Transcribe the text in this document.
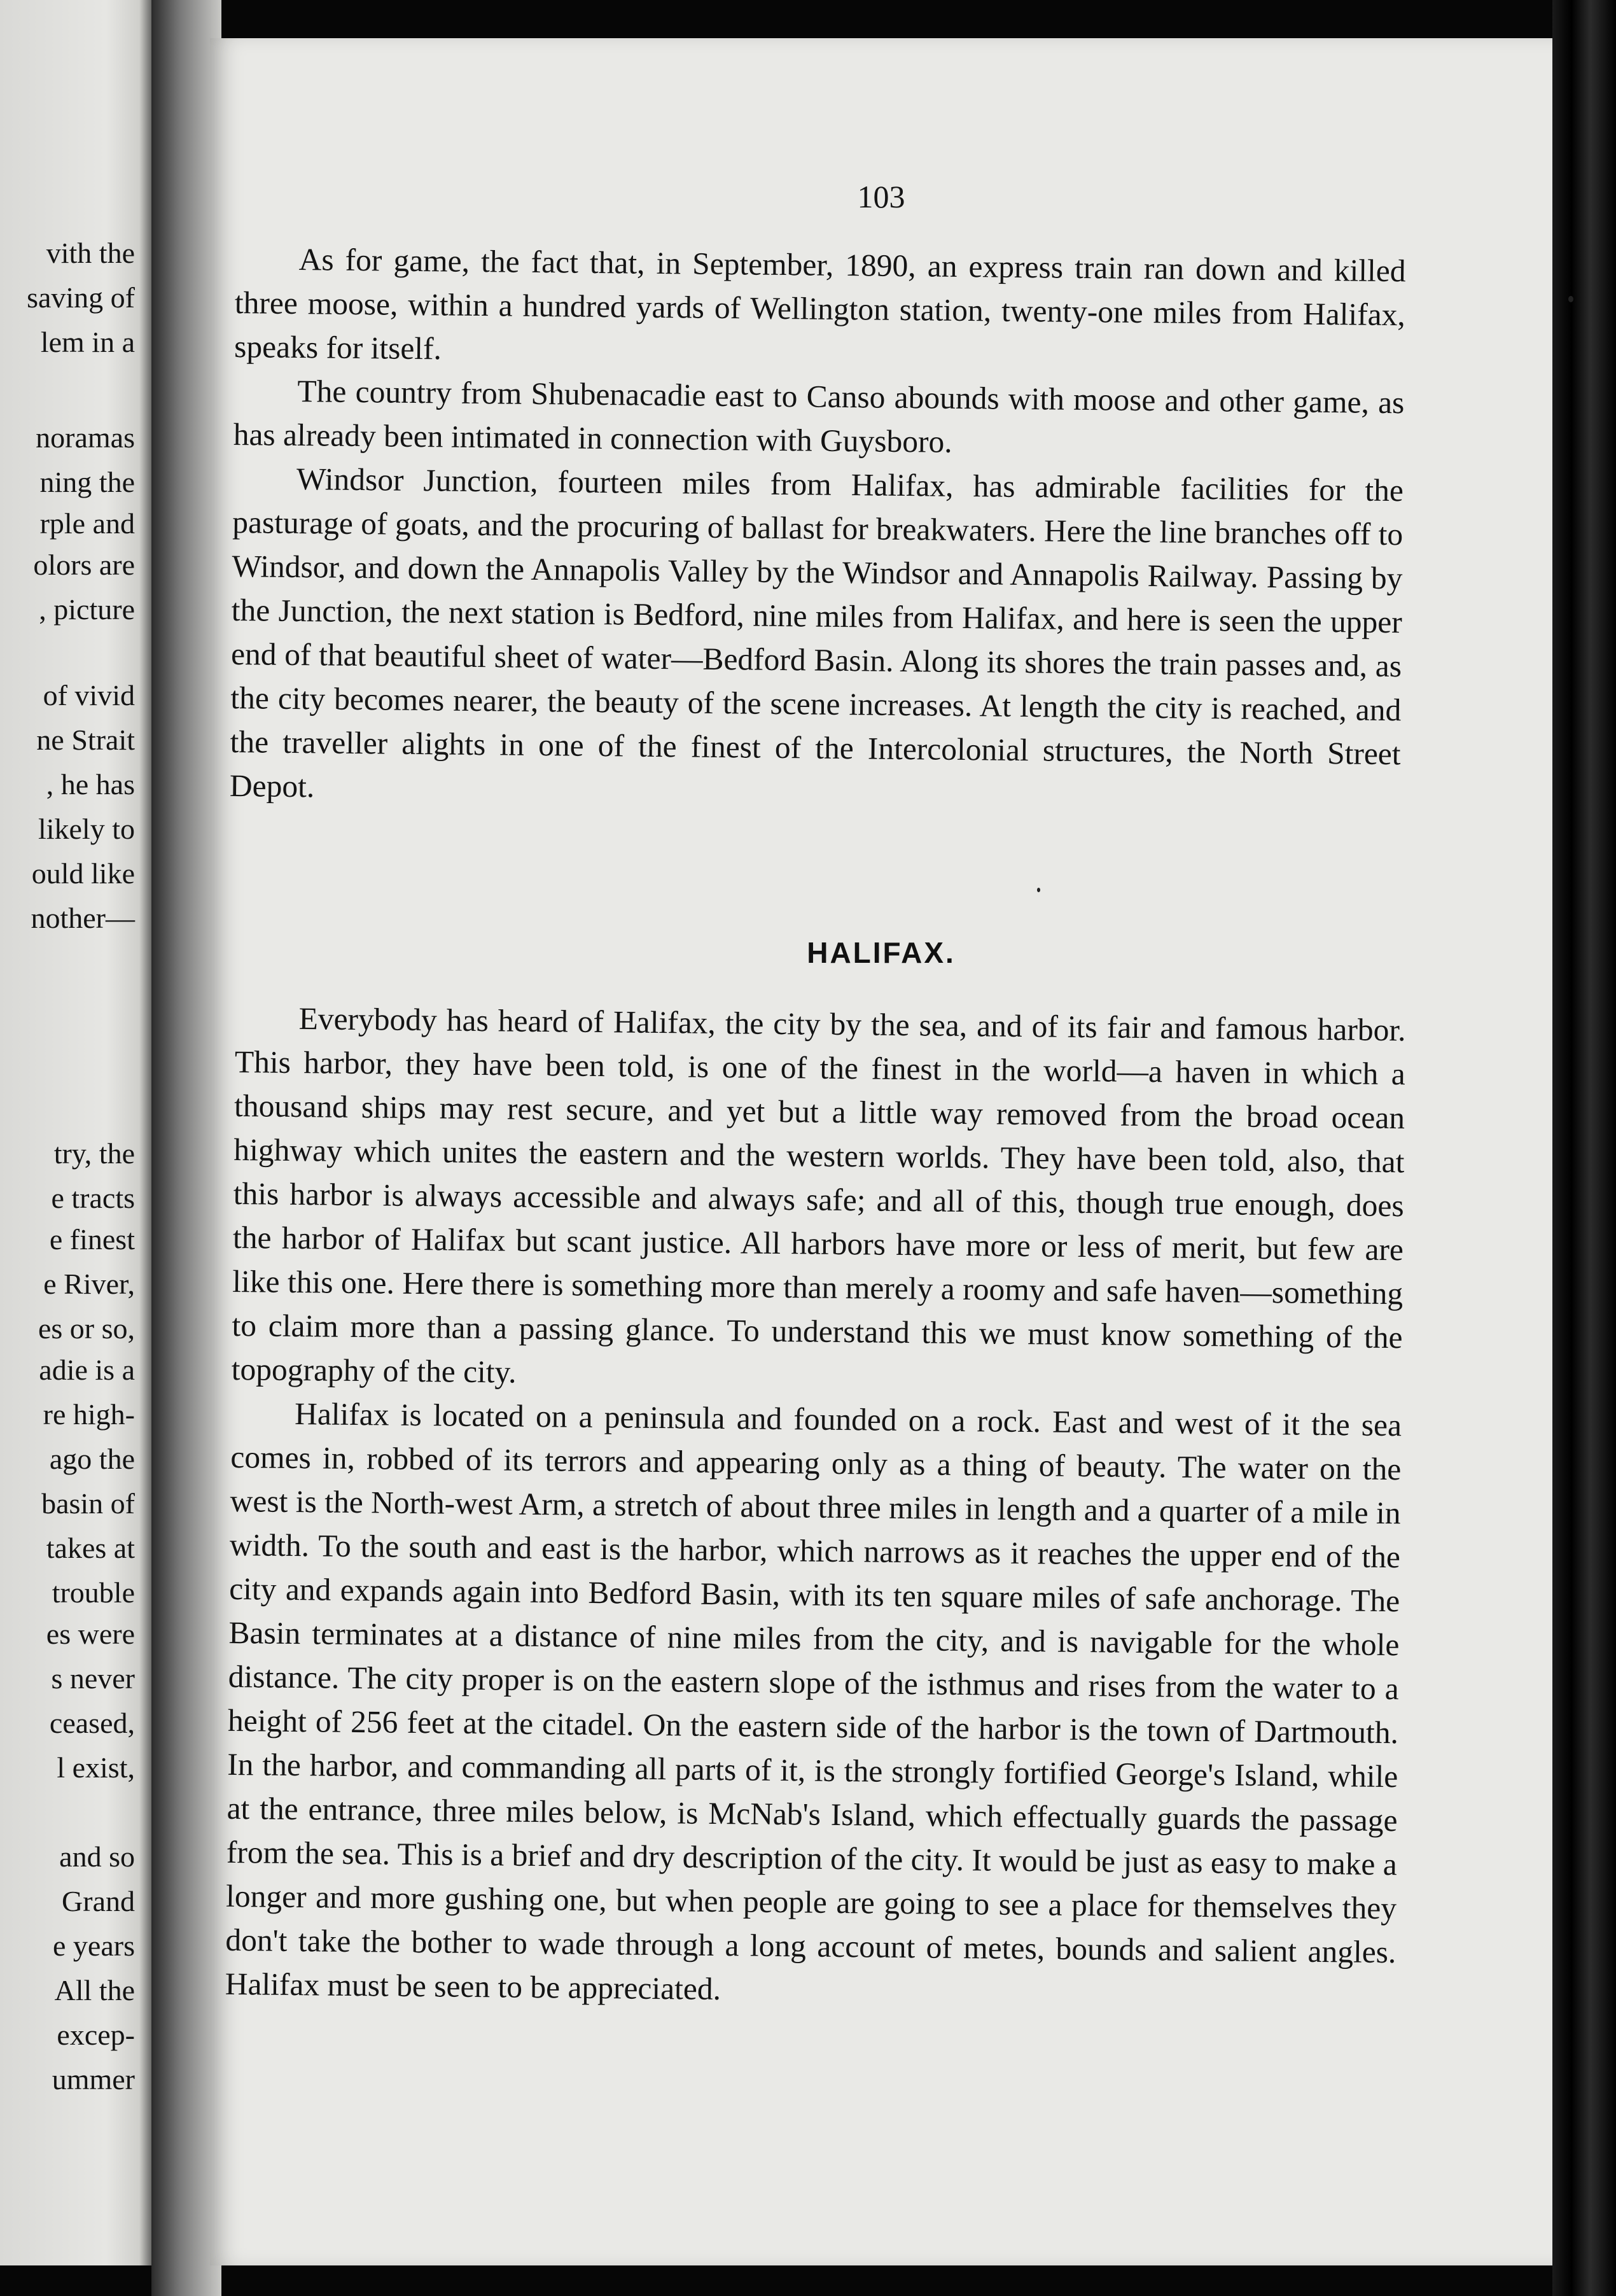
vith the
saving of
lem in a
noramas
ning the
rple and
olors are
, picture
of vivid
ne Strait
, he has
likely to
ould like
nother—
try, the
e tracts
e finest
e River,
es or so,
adie is a
re high-
ago the
basin of
takes at
trouble
es were
s never
ceased,
l exist,
and so
Grand
e years
All the
excep-
ummer
103

As for game, the fact that, in September, 1890, an express train ran down and killed three moose, within a hundred yards of Wellington station, twenty-one miles from Halifax, speaks for itself.

The country from Shubenacadie east to Canso abounds with moose and other game, as has already been intimated in connection with Guysboro.

Windsor Junction, fourteen miles from Halifax, has admirable facilities for the pasturage of goats, and the procuring of ballast for breakwaters. Here the line branches off to Windsor, and down the Annapolis Valley by the Windsor and Annapolis Railway. Passing by the Junction, the next station is Bedford, nine miles from Halifax, and here is seen the upper end of that beautiful sheet of water—Bedford Basin. Along its shores the train passes and, as the city becomes nearer, the beauty of the scene increases. At length the city is reached, and the traveller alights in one of the finest of the Intercolonial structures, the North Street Depot.

HALIFAX.

Everybody has heard of Halifax, the city by the sea, and of its fair and famous harbor. This harbor, they have been told, is one of the finest in the world—a haven in which a thousand ships may rest secure, and yet but a little way removed from the broad ocean highway which unites the eastern and the western worlds. They have been told, also, that this harbor is always accessible and always safe; and all of this, though true enough, does the harbor of Halifax but scant justice. All harbors have more or less of merit, but few are like this one. Here there is something more than merely a roomy and safe haven—something to claim more than a passing glance. To understand this we must know something of the topography of the city.

Halifax is located on a peninsula and founded on a rock. East and west of it the sea comes in, robbed of its terrors and appearing only as a thing of beauty. The water on the west is the North-west Arm, a stretch of about three miles in length and a quarter of a mile in width. To the south and east is the harbor, which narrows as it reaches the upper end of the city and expands again into Bedford Basin, with its ten square miles of safe anchorage. The Basin terminates at a distance of nine miles from the city, and is navigable for the whole distance. The city proper is on the eastern slope of the isthmus and rises from the water to a height of 256 feet at the citadel. On the eastern side of the harbor is the town of Dartmouth. In the harbor, and commanding all parts of it, is the strongly fortified George's Island, while at the entrance, three miles below, is McNab's Island, which effectually guards the passage from the sea. This is a brief and dry description of the city. It would be just as easy to make a longer and more gushing one, but when people are going to see a place for themselves they don't take the bother to wade through a long account of metes, bounds and salient angles. Halifax must be seen to be appreciated.
